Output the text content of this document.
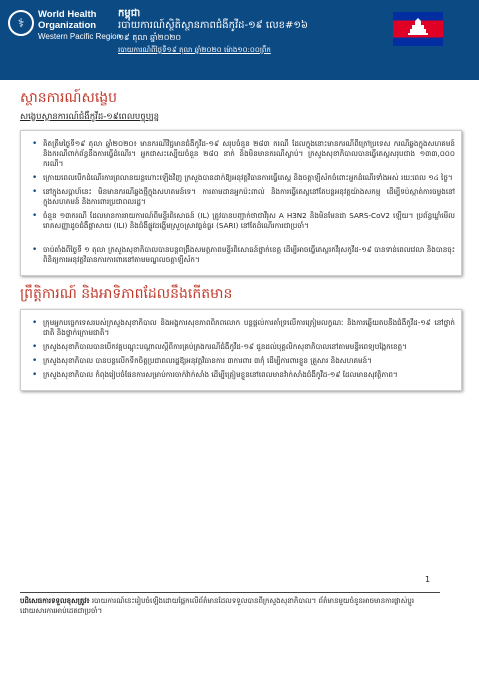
⚕
World Health
Organization
Western Pacific Region
កម្ពុជា
របាយការណ៍ស្ថិតិស្ថានភាពជំងឺកូវីដ-១៩ លេខ#១៦
១៩ តុលា ឆ្នាំ២០២០
របាយការណ៍ពីថ្ងៃទី១៩ តុលា ឆ្នាំ២០២០ ម៉ោង១០:០០ព្រឹក
ស្ថានការណ៍សង្ខេប
សង្ខេបស្ថានការណ៍ជំងឺកូវីដ-១៩ពេលបច្ចុប្បន្ន
• គិតត្រឹមថ្ងៃទី១៩ តុលា ឆ្នាំ២០២០៖ មានករណីវិជ្ជមានជំងឺកូវីដ-១៩ សរុបចំនួន ២៨៣ ករណី ដែលក្នុងនោះមានករណីពីក្រៅប្រទេស ករណីឆ្លងក្នុងសហគមន៍ និងករណីពាក់ព័ន្ធនឹងការធ្វើដំណើរ។ អ្នកជាសះស្បើយចំនួន ២៨០ នាក់ និងមិនមានករណីស្លាប់។ ក្រសួងសុខាភិបាលបានធ្វើតេស្តសរុបជាង ១៣៣,០០០ ករណី។
• ក្រោយពេលបើកដំណើរការព្រលានយន្តហោះឡើងវិញ ក្រសួងបានដាក់ឱ្យអនុវត្តវិធានការធ្វើតេស្ត និងចត្តាឡីស័កចំពោះអ្នកដំណើរទាំងអស់ រយៈពេល ១៤ ថ្ងៃ។
• នៅក្នុងសប្ដាហ៍នេះ មិនមានករណីឆ្លងថ្មីក្នុងសហគមន៍ទេ។ ការតាមដានអ្នកប៉ះពាល់ និងការធ្វើតេស្តនៅតែបន្តអនុវត្តយ៉ាងសកម្ម ដើម្បីទប់ស្កាត់ការចម្លងនៅក្នុងសហគមន៍ និងការពារប្រជាពលរដ្ឋ។
• ចំនួន ១៣ករណី ដែលមានការរាយការណ៍ពីមន្ទីរពិសោធន៍ (IL) ត្រូវបានបញ្ជាក់ថាជាវីរុស A H3N2 និងមិនមែនជា SARS-CoV2 ឡើយ។ ប្រព័ន្ធឃ្លាំមើលរោគសញ្ញាដូចជំងឺផ្តាសាយ (ILI) និងជំងឺផ្លូវដង្ហើមស្រួចស្រាវធ្ងន់ធ្ងរ (SARI) នៅតែដំណើរការជាប្រចាំ។
• ចាប់តាំងពីថ្ងៃទី ១ តុលា ក្រសួងសុខាភិបាលបានបន្តពង្រឹងសមត្ថភាពមន្ទីរពិសោធន៍ថ្នាក់ខេត្ត ដើម្បីអាចធ្វើតេស្តរកវីរុសកូវីដ-១៩ បានទាន់ពេលវេលា និងបានចុះពិនិត្យការអនុវត្តវិធានការការពារនៅតាមមណ្ឌលចត្តាឡីស័ក។
ព្រឹត្តិការណ៍ និងអាទិភាពដែលនឹងកើតមាន
• ក្រុមអ្នកបច្ចេកទេសរបស់ក្រសួងសុខាភិបាល និងអង្គការសុខភាពពិភពលោក បន្តផ្ដល់ការគាំទ្រលើការត្រៀមលក្ខណៈ និងការឆ្លើយតបនឹងជំងឺកូវីដ-១៩ នៅថ្នាក់ជាតិ និងថ្នាក់ក្រោមជាតិ។
• ក្រសួងសុខាភិបាលបានបើកវគ្គបណ្តុះបណ្តាលស្ដីពីការគ្រប់គ្រងករណីជំងឺកូវីដ-១៩ ជូនដល់បុគ្គលិកសុខាភិបាលនៅតាមមន្ទីរពេទ្យបង្អែកខេត្ត។
• ក្រសួងសុខាភិបាល បានបន្តលើកទឹកចិត្តប្រជាពលរដ្ឋឱ្យអនុវត្តវិធានការ ៣ការពារ ៣កុំ ដើម្បីការពារខ្លួន គ្រួសារ និងសហគមន៍។
• ក្រសួងសុខាភិបាល កំពុងរៀបចំផែនការសម្រាប់ការចាក់វ៉ាក់សាំង ដើម្បីត្រៀមខ្លួននៅពេលមានវ៉ាក់សាំងជំងឺកូវីដ-១៩ ដែលមានសុវត្ថិភាព។
1
បដិសេធការទទួលខុសត្រូវ៖ របាយការណ៍នេះរៀបចំឡើងដោយផ្អែកលើព័ត៌មានដែលទទួលបានពីក្រសួងសុខាភិបាល។ ព័ត៌មានមួយចំនួនអាចមានការផ្លាស់ប្ដូរ ដោយសារការអាប់ដេតជាប្រចាំ។
